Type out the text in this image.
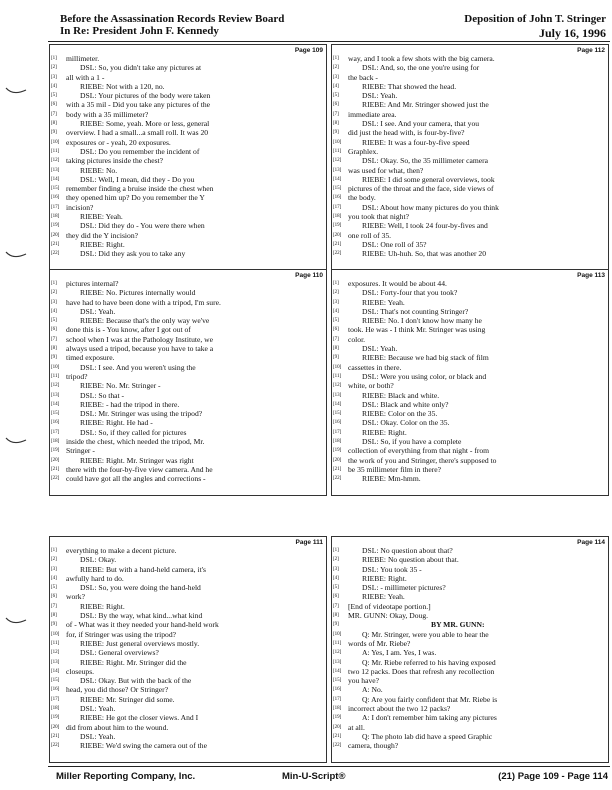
Before the Assassination Records Review Board
In Re: President John F. Kennedy
Deposition of John T. Stringer
July 16, 1996
Page 109
[1] millimeter.
[2]	DSL: So, you didn't take any pictures at
[3] all with a 1 -
[4]	RIEBE: Not with a 120, no.
[5]	DSL: Your pictures of the body were taken
[6] with a 35 mil - Did you take any pictures of the
[7] body with a 35 millimeter?
[8]	RIEBE: Some, yeah. More or less, general
[9] overview. I had a small...a small roll. It was 20
[10] exposures or - yeah, 20 exposures.
[11]	DSL: Do you remember the incident of
[12] taking pictures inside the chest?
[13]	RIEBE: No.
[14]	DSL: Well, I mean, did they - Do you
[15] remember finding a bruise inside the chest when
[16] they opened him up? Do you remember the Y
[17] incision?
[18]	RIEBE: Yeah.
[19]	DSL: Did they do - You were there when
[20] they did the Y incision?
[21]	RIEBE: Right.
[22]	DSL: Did they ask you to take any
Page 112
[1] way, and I took a few shots with the big camera.
[2]	DSL: And, so, the one you're using for
[3] the back -
[4]	RIEBE: That showed the head.
[5]	DSL: Yeah.
[6]	RIEBE: And Mr. Stringer showed just the
[7] immediate area.
[8]	DSL: I see. And your camera, that you
[9] did just the head with, is four-by-five?
[10]	RIEBE: It was a four-by-five speed
[11] Graphlex.
[12]	DSL: Okay. So, the 35 millimeter camera
[13] was used for what, then?
[14]	RIEBE: I did some general overviews, took
[15] pictures of the throat and the face, side views of
[16] the body.
[17]	DSL: About how many pictures do you think
[18] you took that night?
[19]	RIEBE: Well, I took 24 four-by-fives and
[20] one roll of 35.
[21]	DSL: One roll of 35?
[22]	RIEBE: Uh-huh. So, that was another 20
Page 110
[1] pictures internal?
[2]	RIEBE: No. Pictures internally would
[3] have had to have been done with a tripod, I'm sure.
[4]	DSL: Yeah.
[5]	RIEBE: Because that's the only way we've
[6] done this is - You know, after I got out of
[7] school when I was at the Pathology Institute, we
[8] always used a tripod, because you have to take a
[9] timed exposure.
[10]	DSL: I see. And you weren't using the
[11] tripod?
[12]	RIEBE: No. Mr. Stringer -
[13]	DSL: So that -
[14]	RIEBE: - had the tripod in there.
[15]	DSL: Mr. Stringer was using the tripod?
[16]	RIEBE: Right. He had -
[17]	DSL: So, if they called for pictures
[18] inside the chest, which needed the tripod, Mr.
[19] Stringer -
[20]	RIEBE: Right. Mr. Stringer was right
[21] there with the four-by-five view camera. And he
[22] could have got all the angles and corrections -
Page 113
[1] exposures. It would be about 44.
[2]	DSL: Forty-four that you took?
[3]	RIEBE: Yeah.
[4]	DSL: That's not counting Stringer?
[5]	RIEBE: No. I don't know how many he
[6] took. He was - I think Mr. Stringer was using
[7] color.
[8]	DSL: Yeah.
[9]	RIEBE: Because we had big stack of film
[10] cassettes in there.
[11]	DSL: Were you using color, or black and
[12] white, or both?
[13]	RIEBE: Black and white.
[14]	DSL: Black and white only?
[15]	RIEBE: Color on the 35.
[16]	DSL: Okay. Color on the 35.
[17]	RIEBE: Right.
[18]	DSL: So, if you have a complete
[19] collection of everything from that night - from
[20] the work of you and Stringer, there's supposed to
[21] be 35 millimeter film in there?
[22]	RIEBE: Mm-hmm.
Page 111
[1] everything to make a decent picture.
[2]	DSL: Okay.
[3]	RIEBE: But with a hand-held camera, it's
[4] awfully hard to do.
[5]	DSL: So, you were doing the hand-held
[6] work?
[7]	RIEBE: Right.
[8]	DSL: By the way, what kind...what kind
[9] of - What was it they needed your hand-held work
[10] for, if Stringer was using the tripod?
[11]	RIEBE: Just general overviews mostly.
[12]	DSL: General overviews?
[13]	RIEBE: Right. Mr. Stringer did the
[14] closeups.
[15]	DSL: Okay. But with the back of the
[16] head, you did those? Or Stringer?
[17]	RIEBE: Mr. Stringer did some.
[18]	DSL: Yeah.
[19]	RIEBE: He got the closer views. And I
[20] did from about him to the wound.
[21]	DSL: Yeah.
[22]	RIEBE: We'd swing the camera out of the
Page 114
[1]	DSL: No question about that?
[2]	RIEBE: No question about that.
[3]	DSL: You took 35 -
[4]	RIEBE: Right.
[5]	DSL: - millimeter pictures?
[6]	RIEBE: Yeah.
[7] [End of videotape portion.]
[8] MR. GUNN: Okay, Doug.
[9]	BY MR. GUNN:
[10]	Q: Mr. Stringer, were you able to hear the
[11] words of Mr. Riebe?
[12]	A: Yes, I am. Yes, I was.
[13]	Q: Mr. Riebe referred to his having exposed
[14] two 12 packs. Does that refresh any recollection
[15] you have?
[16]	A: No.
[17]	Q: Are you fairly confident that Mr. Riebe is
[18] incorrect about the two 12 packs?
[19]	A: I don't remember him taking any pictures
[20] at all.
[21]	Q: The photo lab did have a speed Graphic
[22] camera, though?
Miller Reporting Company, Inc.	Min-U-Script®	(21) Page 109 - Page 114
